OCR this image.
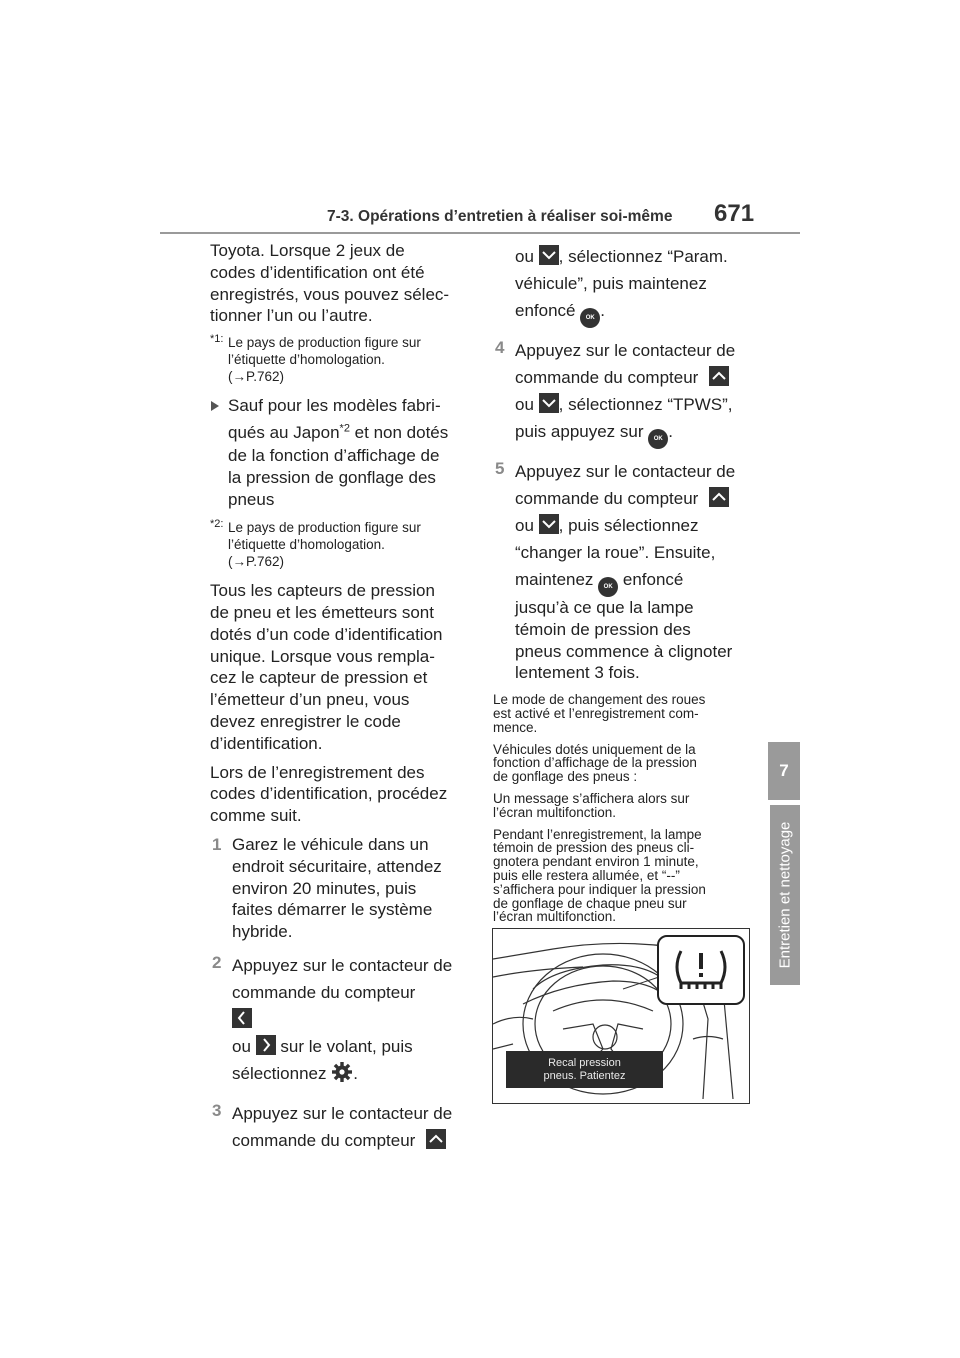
7-3. Opérations d’entretien à réaliser soi-même 671
7
Entretien et nettoyage

Toyota. Lorsque 2 jeux de
codes d’identification ont été
enregistrés, vous pouvez sélec-
tionner l’un ou l’autre.

*1: Le pays de production figure sur
l’étiquette d’homologation.
(→P.762)
Sauf pour les modèles fabri-
qués au Japon$^{*2}$ et non dotés
de la fonction d’affichage de
la pression de gonflage des
pneus
*2: Le pays de production figure sur
l’étiquette d’homologation.
(→P.762)

Tous les capteurs de pression
de pneu et les émetteurs sont
dotés d’un code d’identification
unique. Lorsque vous rempla-
cez le capteur de pression et
l’émetteur d’un pneu, vous
devez enregistrer le code
d’identification.

Lors de l’enregistrement des
codes d’identification, procédez
comme suit.

1 Garez le véhicule dans un
endroit sécuritaire, attendez
environ 20 minutes, puis
faites démarrer le système
hybride.
2 Appuyez sur le contacteur de
commande du compteur
ou
sur le volant, puis
sélectionnez .
3 Appuyez sur le contacteur de
commande du compteur
ou
, sélectionnez “Param.
véhicule”, puis maintenez
enfoncé OK .
4 Appuyez sur le contacteur de
commande du compteur
ou
, sélectionnez “TPWS”,
puis appuyez sur OK .
5 Appuyez sur le contacteur de
commande du compteur
ou
, puis sélectionnez
“changer la roue”. Ensuite,
maintenez OK enfoncé
jusqu’à ce que la lampe
témoin de pression des
pneus commence à clignoter
lentement 3 fois.
Le mode de changement des roues
est activé et l’enregistrement com-
mence.
Véhicules dotés uniquement de la
fonction d’affichage de la pression
de gonflage des pneus :
Un message s’affichera alors sur
l’écran multifonction.
Pendant l’enregistrement, la lampe
témoin de pression des pneus cli-
gnotera pendant environ 1 minute,
puis elle restera allumée, et “--”
s’affichera pour indiquer la pression
de gonflage de chaque pneu sur
l’écran multifonction.
Recal pression
pneus. Patientez
